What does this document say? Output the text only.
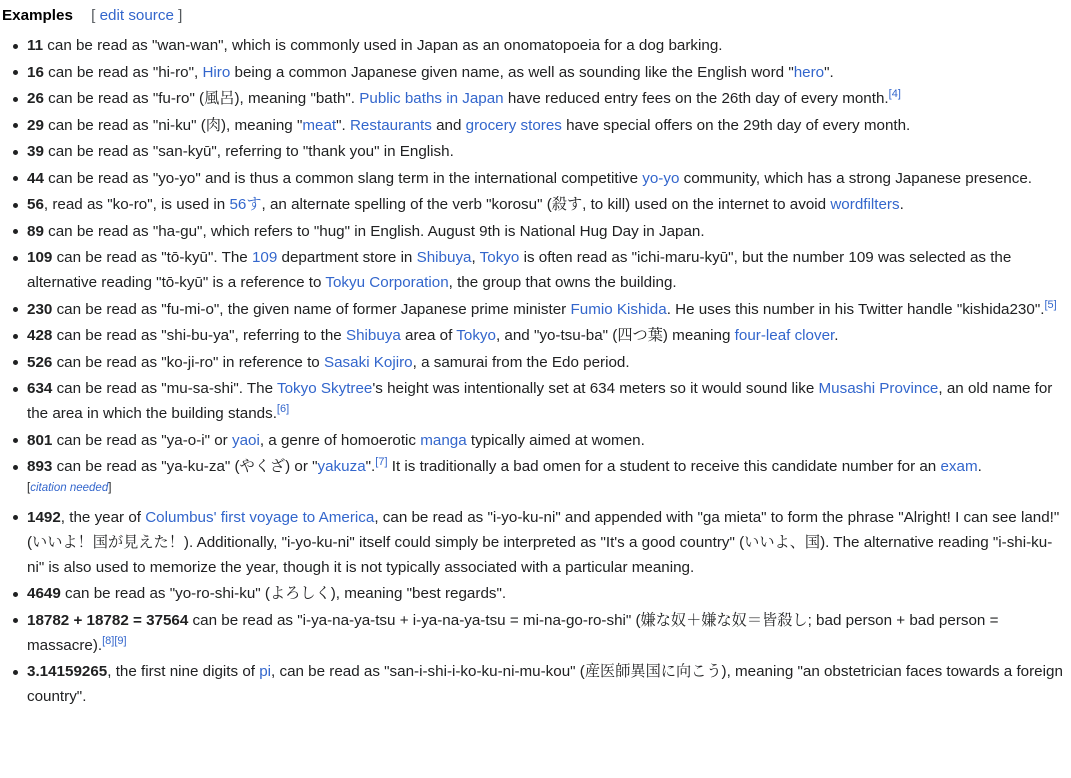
Examples [ edit source ]
11 can be read as "wan-wan", which is commonly used in Japan as an onomatopoeia for a dog barking.
16 can be read as "hi-ro", Hiro being a common Japanese given name, as well as sounding like the English word "hero".
26 can be read as "fu-ro" (風呂), meaning "bath". Public baths in Japan have reduced entry fees on the 26th day of every month.[4]
29 can be read as "ni-ku" (肉), meaning "meat". Restaurants and grocery stores have special offers on the 29th day of every month.
39 can be read as "san-kyū", referring to "thank you" in English.
44 can be read as "yo-yo" and is thus a common slang term in the international competitive yo-yo community, which has a strong Japanese presence.
56, read as "ko-ro", is used in 56す, an alternate spelling of the verb "korosu" (殺す, to kill) used on the internet to avoid wordfilters.
89 can be read as "ha-gu", which refers to "hug" in English. August 9th is National Hug Day in Japan.
109 can be read as "tō-kyū". The 109 department store in Shibuya, Tokyo is often read as "ichi-maru-kyū", but the number 109 was selected as the alternative reading "tō-kyū" is a reference to Tokyu Corporation, the group that owns the building.
230 can be read as "fu-mi-o", the given name of former Japanese prime minister Fumio Kishida. He uses this number in his Twitter handle "kishida230".[5]
428 can be read as "shi-bu-ya", referring to the Shibuya area of Tokyo, and "yo-tsu-ba" (四つ葉) meaning four-leaf clover.
526 can be read as "ko-ji-ro" in reference to Sasaki Kojiro, a samurai from the Edo period.
634 can be read as "mu-sa-shi". The Tokyo Skytree's height was intentionally set at 634 meters so it would sound like Musashi Province, an old name for the area in which the building stands.[6]
801 can be read as "ya-o-i" or yaoi, a genre of homoerotic manga typically aimed at women.
893 can be read as "ya-ku-za" (やくざ) or "yakuza".[7] It is traditionally a bad omen for a student to receive this candidate number for an exam.
[citation needed]
1492, the year of Columbus' first voyage to America, can be read as "i-yo-ku-ni" and appended with "ga mieta" to form the phrase "Alright! I can see land!" (いいよ！国が見えた！). Additionally, "i-yo-ku-ni" itself could simply be interpreted as "It's a good country" (いいよ、国). The alternative reading "i-shi-ku-ni" is also used to memorize the year, though it is not typically associated with a particular meaning.
4649 can be read as "yo-ro-shi-ku" (よろしく), meaning "best regards".
18782 + 18782 = 37564 can be read as "i-ya-na-ya-tsu + i-ya-na-ya-tsu = mi-na-go-ro-shi" (嫌な奴＋嫌な奴＝皆殺し; bad person + bad person = massacre).[8][9]
3.14159265, the first nine digits of pi, can be read as "san-i-shi-i-ko-ku-ni-mu-kou" (産医師異国に向こう), meaning "an obstetrician faces towards a foreign country".
